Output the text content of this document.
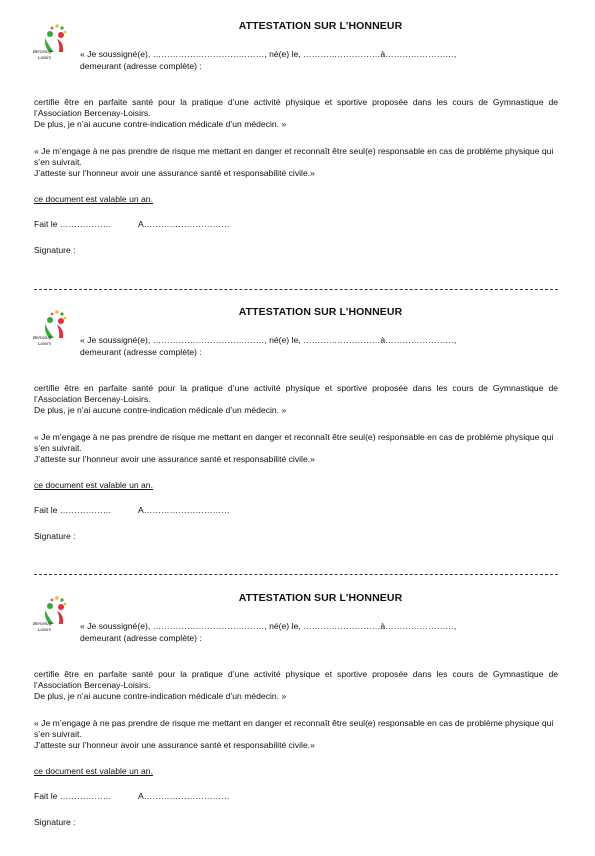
Bercenay
Loisirs
ATTESTATION SUR L’HONNEUR
« Je soussigné(e), …………………………………, né(e) le, ………………………à……………………,
demeurant (adresse complète) :
certifie être en parfaite santé pour la pratique d’une activité physique et sportive proposée dans les cours de Gymnastique de l’Association Bercenay-Loisirs.
De plus, je n’ai aucune contre-indication médicale d’un médecin. »
« Je m’engage à ne pas prendre de risque me mettant en danger et reconnaît être seul(e) responsable en cas de problème physique qui s’en suivrait.
J’atteste sur l’honneur avoir une assurance santé et responsabilité civile.»
ce document est valable un an.
Fait le ………………	A…………………………
Signature :
Bercenay
Loisirs
ATTESTATION SUR L’HONNEUR
« Je soussigné(e), …………………………………, né(e) le, ………………………à……………………,
demeurant (adresse complète) :
certifie être en parfaite santé pour la pratique d’une activité physique et sportive proposée dans les cours de Gymnastique de l’Association Bercenay-Loisirs.
De plus, je n’ai aucune contre-indication médicale d’un médecin. »
« Je m’engage à ne pas prendre de risque me mettant en danger et reconnaît être seul(e) responsable en cas de problème physique qui s’en suivrait.
J’atteste sur l’honneur avoir une assurance santé et responsabilité civile.»
ce document est valable un an.
Fait le ………………	A…………………………
Signature :
Bercenay
Loisirs
ATTESTATION SUR L’HONNEUR
« Je soussigné(e), …………………………………, né(e) le, ………………………à……………………,
demeurant (adresse complète) :
certifie être en parfaite santé pour la pratique d’une activité physique et sportive proposée dans les cours de Gymnastique de l’Association Bercenay-Loisirs.
De plus, je n’ai aucune contre-indication médicale d’un médecin. »
« Je m’engage à ne pas prendre de risque me mettant en danger et reconnaît être seul(e) responsable en cas de problème physique qui s’en suivrait.
J’atteste sur l’honneur avoir une assurance santé et responsabilité civile.»
ce document est valable un an.
Fait le ………………	A…………………………
Signature :
